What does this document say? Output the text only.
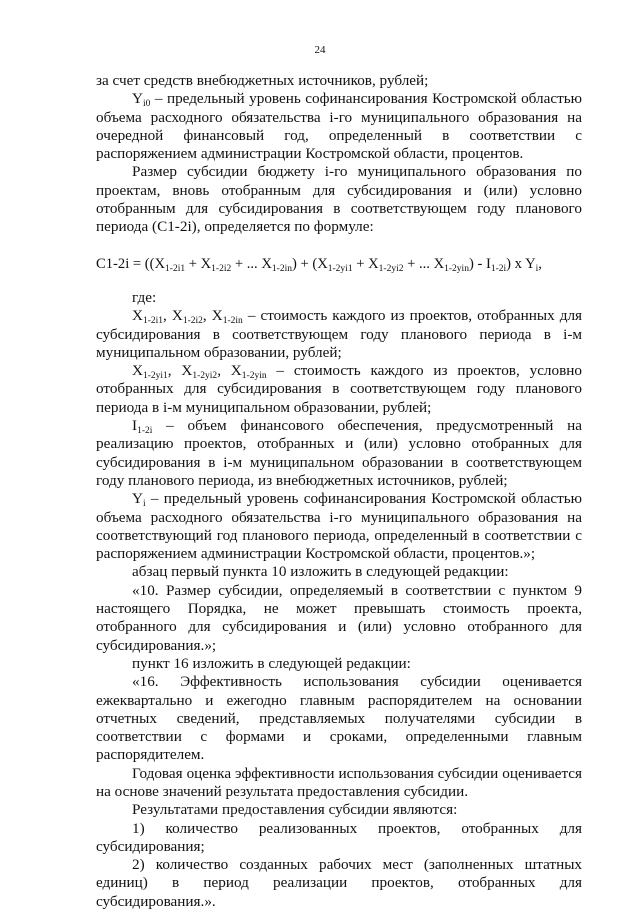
24

за счет средств внебюджетных источников, рублей;

$Y_{i0}$ – предельный уровень софинансирования Костромской областью объема расходного обязательства i-го муниципального образования на очередной финансовый год, определенный в соответствии с распоряжением администрации Костромской области, процентов.

Размер субсидии бюджету i-го муниципального образования по проектам, вновь отобранным для субсидирования и (или) условно отобранным для субсидирования в соответствующем году планового периода (C1-2i), определяется по формуле:

$C1-2i = ((X_{1-2i1} + X_{1-2i2}$ + ... $X_{1-2in}) + (X_{1-2yi1} + X_{1-2yi2}$ + ... $X_{1-2yin}) - I_{1-2i}$) x $Y_i$,

где:

$X_{1-2i1}$, $X_{1-2i2}$, $X_{1-2in}$ – стоимость каждого из проектов, отобранных для субсидирования в соответствующем году планового периода в i-м муниципальном образовании, рублей;

$X_{1-2yi1}$, $X_{1-2yi2}$, $X_{1-2yin}$ – стоимость каждого из проектов, условно отобранных для субсидирования в соответствующем году планового периода в i-м муниципальном образовании, рублей;

$I_{1-2i}$ – объем финансового обеспечения, предусмотренный на реализацию проектов, отобранных и (или) условно отобранных для субсидирования в i-м муниципальном образовании в соответствующем году планового периода, из внебюджетных источников, рублей;

$Y_i$ – предельный уровень софинансирования Костромской областью объема расходного обязательства i-го муниципального образования на соответствующий год планового периода, определенный в соответствии с распоряжением администрации Костромской области, процентов.»;

абзац первый пункта 10 изложить в следующей редакции:

«10. Размер субсидии, определяемый в соответствии с пунктом 9 настоящего Порядка, не может превышать стоимость проекта, отобранного для субсидирования и (или) условно отобранного для субсидирования.»;

пункт 16 изложить в следующей редакции:

«16. Эффективность использования субсидии оценивается ежеквартально и ежегодно главным распорядителем на основании отчетных сведений, представляемых получателями субсидии в соответствии с формами и сроками, определенными главным распорядителем.

Годовая оценка эффективности использования субсидии оценивается на основе значений результата предоставления субсидии.

Результатами предоставления субсидии являются:

1) количество реализованных проектов, отобранных для субсидирования;

2) количество созданных рабочих мест (заполненных штатных единиц) в период реализации проектов, отобранных для субсидирования.».
